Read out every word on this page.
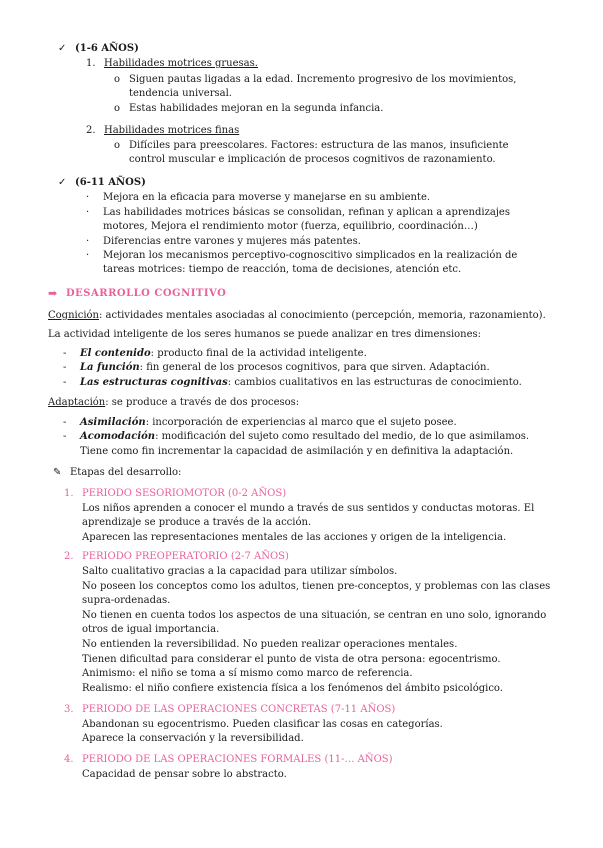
✓ (1-6 AÑOS)
1. Habilidades motrices gruesas.
o Siguen pautas ligadas a la edad. Incremento progresivo de los movimientos,
tendencia universal.
o Estas habilidades mejoran en la segunda infancia.
2. Habilidades motrices finas
o Difíciles para preescolares. Factores: estructura de las manos, insuficiente
control muscular e implicación de procesos cognitivos de razonamiento.
✓ (6-11 AÑOS)
· Mejora en la eficacia para moverse y manejarse en su ambiente.
· Las habilidades motrices básicas se consolidan, refinan y aplican a aprendizajes
motores, Mejora el rendimiento motor (fuerza, equilibrio, coordinación…)
· Diferencias entre varones y mujeres más patentes.
· Mejoran los mecanismos perceptivo-cognoscitivo simplicados en la realización de
tareas motrices: tiempo de reacción, toma de decisiones, atención etc.
➡ DESARROLLO COGNITIVO
Cognición: actividades mentales asociadas al conocimiento (percepción, memoria, razonamiento).
La actividad inteligente de los seres humanos se puede analizar en tres dimensiones:
- El contenido: producto final de la actividad inteligente.
- La función: fin general de los procesos cognitivos, para que sirven. Adaptación.
- Las estructuras cognitivas: cambios cualitativos en las estructuras de conocimiento.
Adaptación: se produce a través de dos procesos:
- Asimilación: incorporación de experiencias al marco que el sujeto posee.
- Acomodación: modificación del sujeto como resultado del medio, de lo que asimilamos.
Tiene como fin incrementar la capacidad de asimilación y en definitiva la adaptación.
✎ Etapas del desarrollo:
1. PERIODO SESORIOMOTOR (0-2 AÑOS)
Los niños aprenden a conocer el mundo a través de sus sentidos y conductas motoras. El
aprendizaje se produce a través de la acción.
Aparecen las representaciones mentales de las acciones y origen de la inteligencia.
2. PERIODO PREOPERATORIO (2-7 AÑOS)
Salto cualitativo gracias a la capacidad para utilizar símbolos.
No poseen los conceptos como los adultos, tienen pre-conceptos, y problemas con las clases
supra-ordenadas.
No tienen en cuenta todos los aspectos de una situación, se centran en uno solo, ignorando
otros de igual importancia.
No entienden la reversibilidad. No pueden realizar operaciones mentales.
Tienen dificultad para considerar el punto de vista de otra persona: egocentrismo.
Animismo: el niño se toma a sí mismo como marco de referencia.
Realismo: el niño confiere existencia física a los fenómenos del ámbito psicológico.
3. PERIODO DE LAS OPERACIONES CONCRETAS (7-11 AÑOS)
Abandonan su egocentrismo. Pueden clasificar las cosas en categorías.
Aparece la conservación y la reversibilidad.
4. PERIODO DE LAS OPERACIONES FORMALES (11-… AÑOS)
Capacidad de pensar sobre lo abstracto.
